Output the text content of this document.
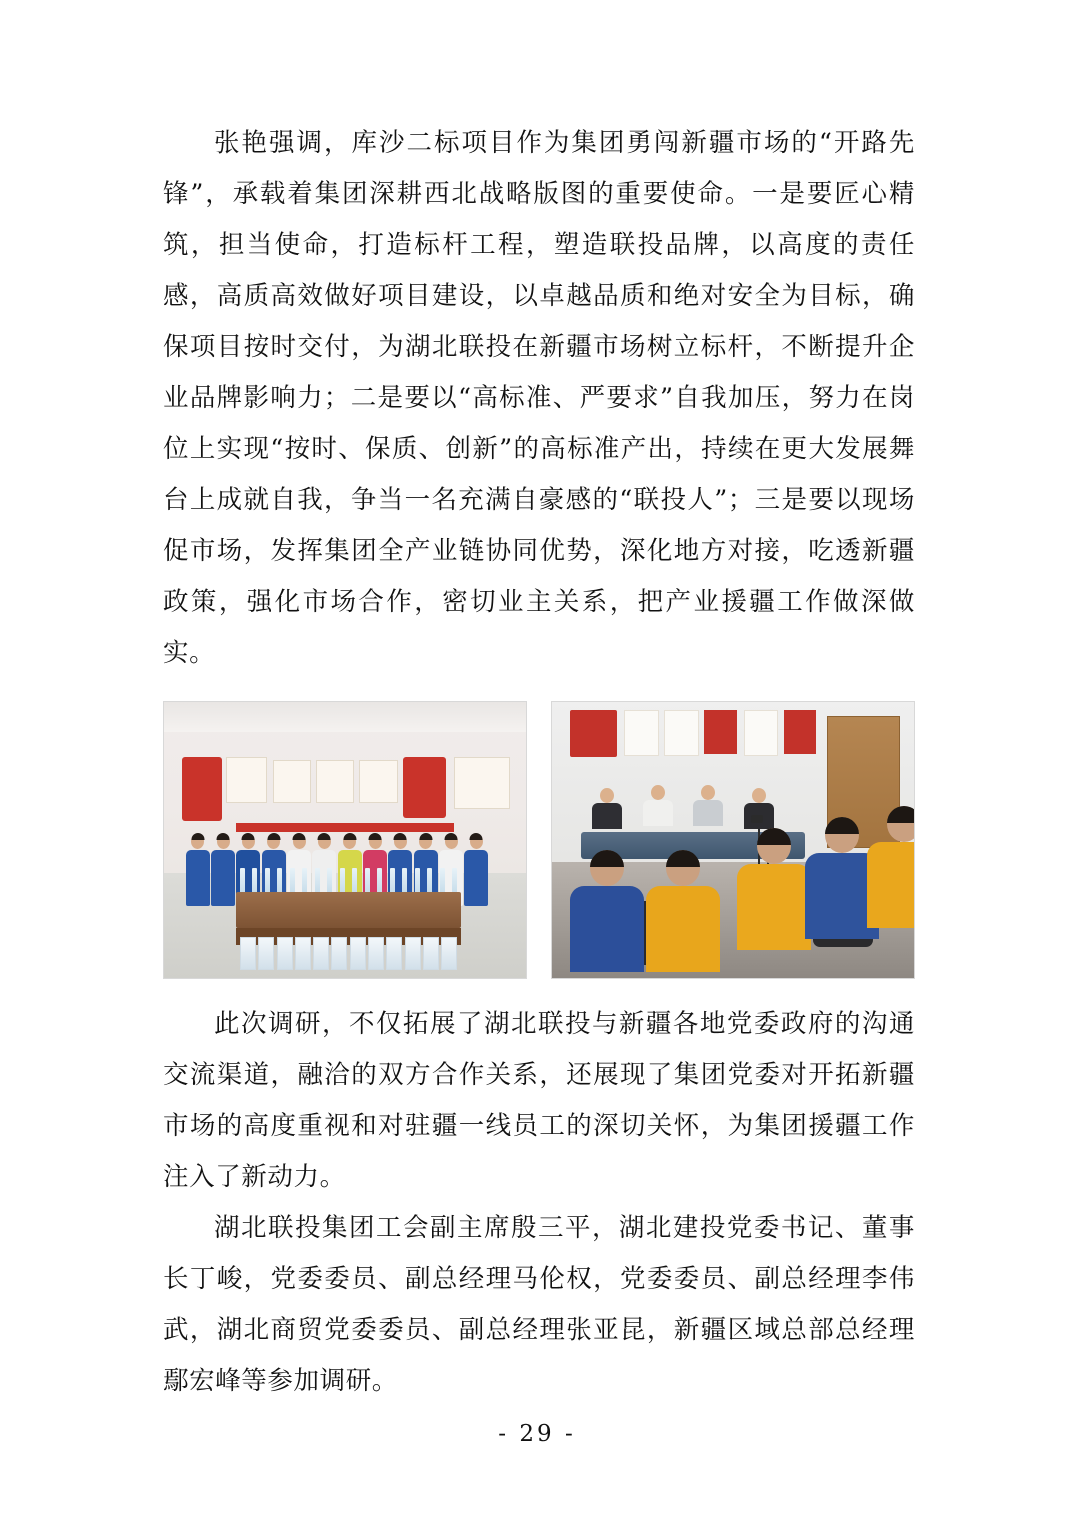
张艳强调，库沙二标项目作为集团勇闯新疆市场的“开路先锋”，承载着集团深耕西北战略版图的重要使命。一是要匠心精筑，担当使命，打造标杆工程，塑造联投品牌，以高度的责任感，高质高效做好项目建设，以卓越品质和绝对安全为目标，确保项目按时交付，为湖北联投在新疆市场树立标杆，不断提升企业品牌影响力；二是要以“高标准、严要求”自我加压，努力在岗位上实现“按时、保质、创新”的高标准产出，持续在更大发展舞台上成就自我，争当一名充满自豪感的“联投人”；三是要以现场促市场，发挥集团全产业链协同优势，深化地方对接，吃透新疆政策，强化市场合作，密切业主关系，把产业援疆工作做深做实。

此次调研，不仅拓展了湖北联投与新疆各地党委政府的沟通交流渠道，融洽的双方合作关系，还展现了集团党委对开拓新疆市场的高度重视和对驻疆一线员工的深切关怀，为集团援疆工作注入了新动力。

湖北联投集团工会副主席殷三平，湖北建投党委书记、董事长丁峻，党委委员、副总经理马伦权，党委委员、副总经理李伟武，湖北商贸党委委员、副总经理张亚昆，新疆区域总部总经理鄢宏峰等参加调研。

- 29 -
